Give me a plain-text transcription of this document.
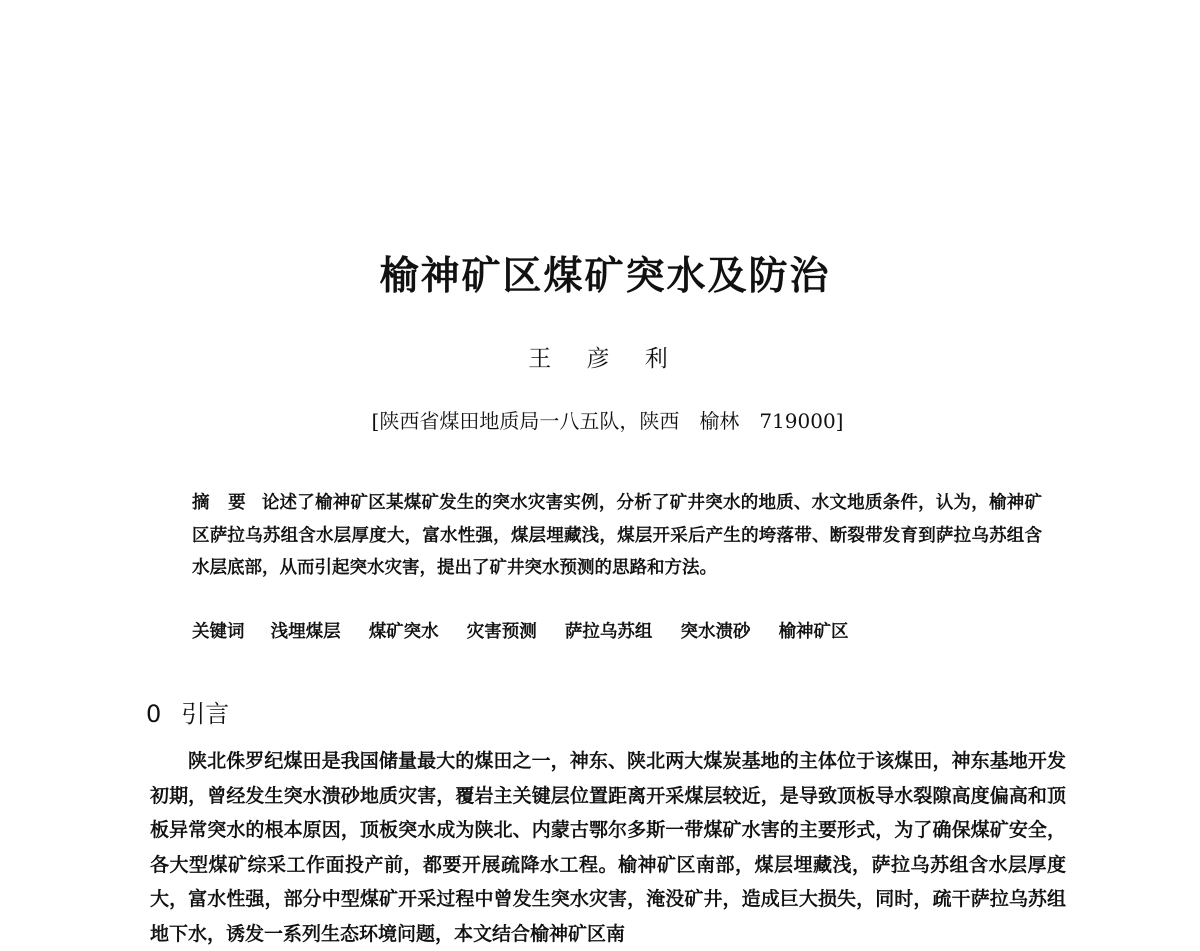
榆神矿区煤矿突水及防治
王 彦 利
[陕西省煤田地质局一八五队，陕西　榆林　719000]
摘 要 论述了榆神矿区某煤矿发生的突水灾害实例，分析了矿井突水的地质、水文地质条件，认为，榆神矿区萨拉乌苏组含水层厚度大，富水性强，煤层埋藏浅，煤层开采后产生的垮落带、断裂带发育到萨拉乌苏组含水层底部，从而引起突水灾害，提出了矿井突水预测的思路和方法。
关键词 浅埋煤层 煤矿突水 灾害预测 萨拉乌苏组 突水溃砂 榆神矿区
0 引言

陕北侏罗纪煤田是我国储量最大的煤田之一，神东、陕北两大煤炭基地的主体位于该煤田，神东基地开发初期，曾经发生突水溃砂地质灾害，覆岩主关键层位置距离开采煤层较近，是导致顶板导水裂隙高度偏高和顶板异常突水的根本原因，顶板突水成为陕北、内蒙古鄂尔多斯一带煤矿水害的主要形式，为了确保煤矿安全，各大型煤矿综采工作面投产前，都要开展疏降水工程。榆神矿区南部，煤层埋藏浅，萨拉乌苏组含水层厚度大，富水性强，部分中型煤矿开采过程中曾发生突水灾害，淹没矿井，造成巨大损失，同时，疏干萨拉乌苏组地下水，诱发一系列生态环境问题，本文结合榆神矿区南
